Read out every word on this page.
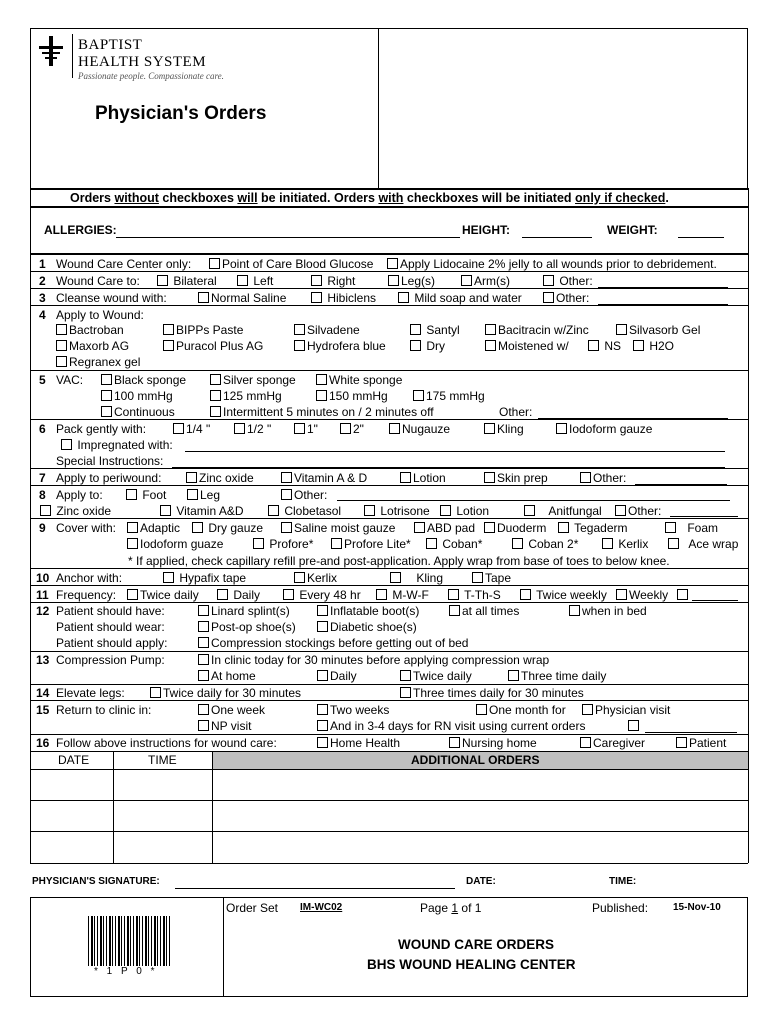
BAPTIST
HEALTH SYSTEM
Passionate people. Compassionate care.
Physician's Orders
Orders without checkboxes will be initiated. Orders with checkboxes will be initiated only if checked.
ALLERGIES:	HEIGHT:	WEIGHT:
1 Wound Care Center only:	Point of Care Blood Glucose	Apply Lidocaine 2% jelly to all wounds prior to debridement.
2 Wound Care to:	Bilateral	Left	Right	Leg(s)	Arm(s)	Other:
3 Cleanse wound with:	Normal Saline	Hibiclens	Mild soap and water	Other:
4 Apply to Wound:
Bactroban	BIPPs Paste	Silvadene	Santyl	Bacitracin w/Zinc	Silvasorb Gel
Maxorb AG	Puracol Plus AG	Hydrofera blue	Dry	Moistened w/	NS	H2O
Regranex gel
5 VAC:	Black sponge	Silver sponge	White sponge
100 mmHg	125 mmHg	150 mmHg	175 mmHg
Continuous	Intermittent 5 minutes on / 2 minutes off	Other:
6 Pack gently with:	1/4 "	1/2 "	1"	2"	Nugauze	Kling	Iodoform gauze
Impregnated with:
Special Instructions:
7 Apply to periwound:	Zinc oxide	Vitamin A & D	Lotion	Skin prep	Other:
8 Apply to:	Foot	Leg	Other:
Zinc oxide	Vitamin A&D	Clobetasol	Lotrisone	Lotion	Anitfungal	Other:
9 Cover with:	Adaptic	Dry gauze	Saline moist gauze	ABD pad	Duoderm	Tegaderm	Foam
Iodoform guaze	Profore*	Profore Lite*	Coban*	Coban 2*	Kerlix	Ace wrap
* If applied, check capillary refill pre-and post-application. Apply wrap from base of toes to below knee.
10 Anchor with:	Hypafix tape	Kerlix	Kling	Tape
11 Frequency:	Twice daily	Daily	Every 48 hr	M-W-F	T-Th-S	Twice weekly	Weekly
12 Patient should have:	Linard splint(s)	Inflatable boot(s)	at all times	when in bed
Patient should wear:	Post-op shoe(s)	Diabetic shoe(s)
Patient should apply:	Compression stockings before getting out of bed
13 Compression Pump:	In clinic today for 30 minutes before applying compression wrap
At home	Daily	Twice daily	Three time daily
14 Elevate legs:	Twice daily for 30 minutes	Three times daily for 30 minutes
15 Return to clinic in:	One week	Two weeks	One month for	Physician visit
NP visit	And in 3-4 days for RN visit using current orders
16 Follow above instructions for wound care:	Home Health	Nursing home	Caregiver	Patient
DATE	TIME	ADDITIONAL ORDERS
PHYSICIAN'S SIGNATURE:	DATE:	TIME:
* 1 P 0 *
Order Set IM-WC02	Page 1 of 1	Published: 15-Nov-10
WOUND CARE ORDERS
BHS WOUND HEALING CENTER
